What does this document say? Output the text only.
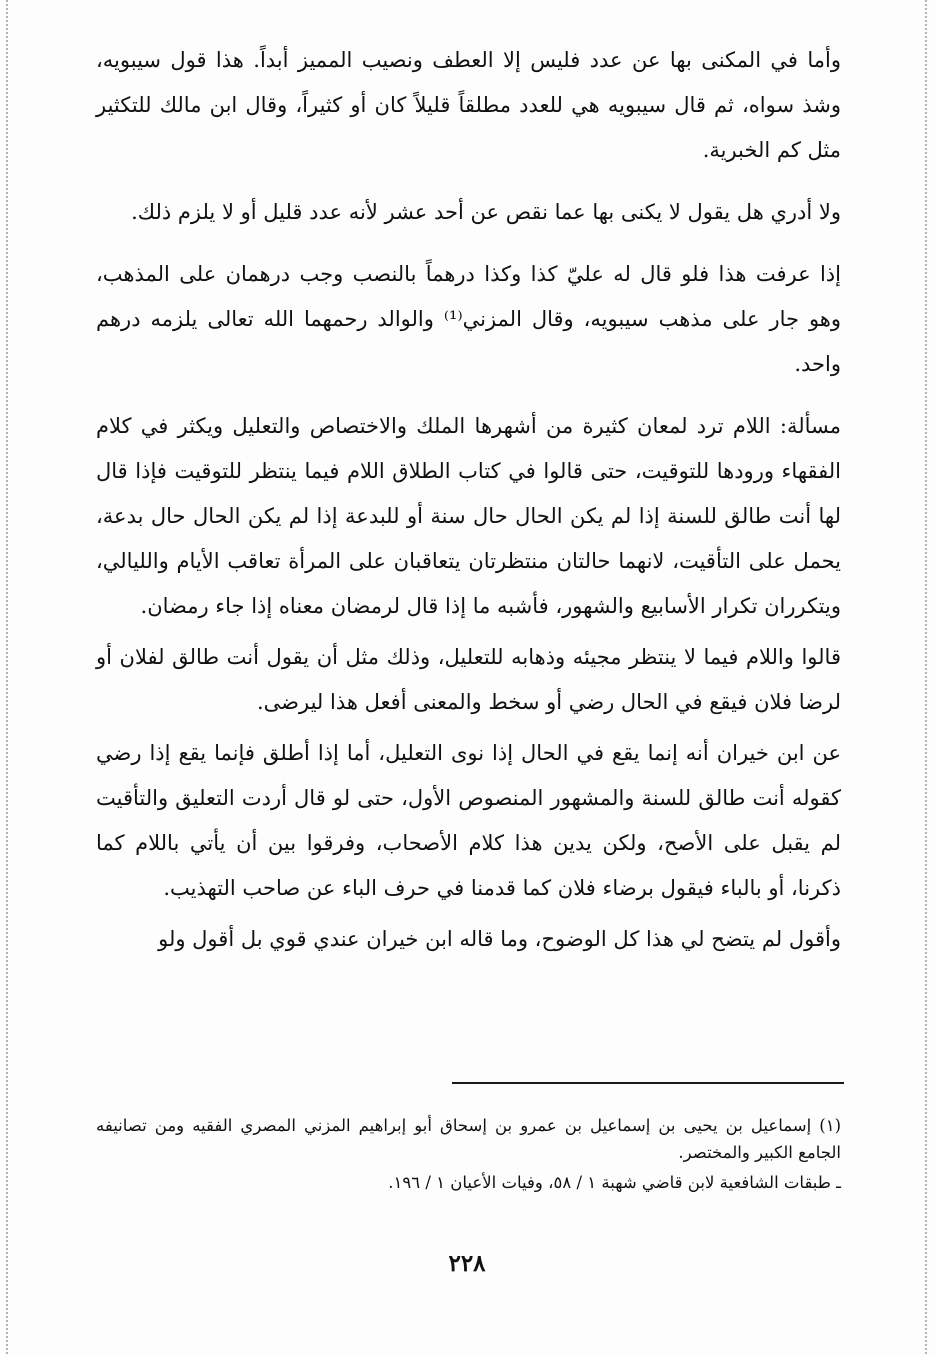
وأما في المكنى بها عن عدد فليس إلا العطف ونصيب المميز أبداً. هذا قول سيبويه، وشذ سواه، ثم قال سيبويه هي للعدد مطلقاً قليلاً كان أو كثيراً، وقال ابن مالك للتكثير مثل كم الخبرية.

ولا أدري هل يقول لا يكنى بها عما نقص عن أحد عشر لأنه عدد قليل أو لا يلزم ذلك.

إذا عرفت هذا فلو قال له عليّ كذا وكذا درهماً بالنصب وجب درهمان على المذهب، وهو جار على مذهب سيبويه، وقال المزني⁽¹⁾ والوالد رحمهما الله تعالى يلزمه درهم واحد.

مسألة: اللام ترد لمعان كثيرة من أشهرها الملك والاختصاص والتعليل ويكثر في كلام الفقهاء ورودها للتوقيت، حتى قالوا في كتاب الطلاق اللام فيما ينتظر للتوقيت فإذا قال لها أنت طالق للسنة إذا لم يكن الحال حال سنة أو للبدعة إذا لم يكن الحال حال بدعة، يحمل على التأقيت، لانهما حالتان منتظرتان يتعاقبان على المرأة تعاقب الأيام والليالي، ويتكرران تكرار الأسابيع والشهور، فأشبه ما إذا قال لرمضان معناه إذا جاء رمضان.

قالوا واللام فيما لا ينتظر مجيئه وذهابه للتعليل، وذلك مثل أن يقول أنت طالق لفلان أو لرضا فلان فيقع في الحال رضي أو سخط والمعنى أفعل هذا ليرضى.

عن ابن خيران أنه إنما يقع في الحال إذا نوى التعليل، أما إذا أطلق فإنما يقع إذا رضي كقوله أنت طالق للسنة والمشهور المنصوص الأول، حتى لو قال أردت التعليق والتأقيت لم يقبل على الأصح، ولكن يدين هذا كلام الأصحاب، وفرقوا بين أن يأتي باللام كما ذكرنا، أو بالباء فيقول برضاء فلان كما قدمنا في حرف الباء عن صاحب التهذيب.

وأقول لم يتضح لي هذا كل الوضوح، وما قاله ابن خيران عندي قوي بل أقول ولو

(١) إسماعيل بن يحيى بن إسماعيل بن عمرو بن إسحاق أبو إبراهيم المزني المصري الفقيه ومن تصانيفه الجامع الكبير والمختصر.

ـ طبقات الشافعية لابن قاضي شهبة ١ / ٥٨، وفيات الأعيان ١ / ١٩٦.

٢٢٨
